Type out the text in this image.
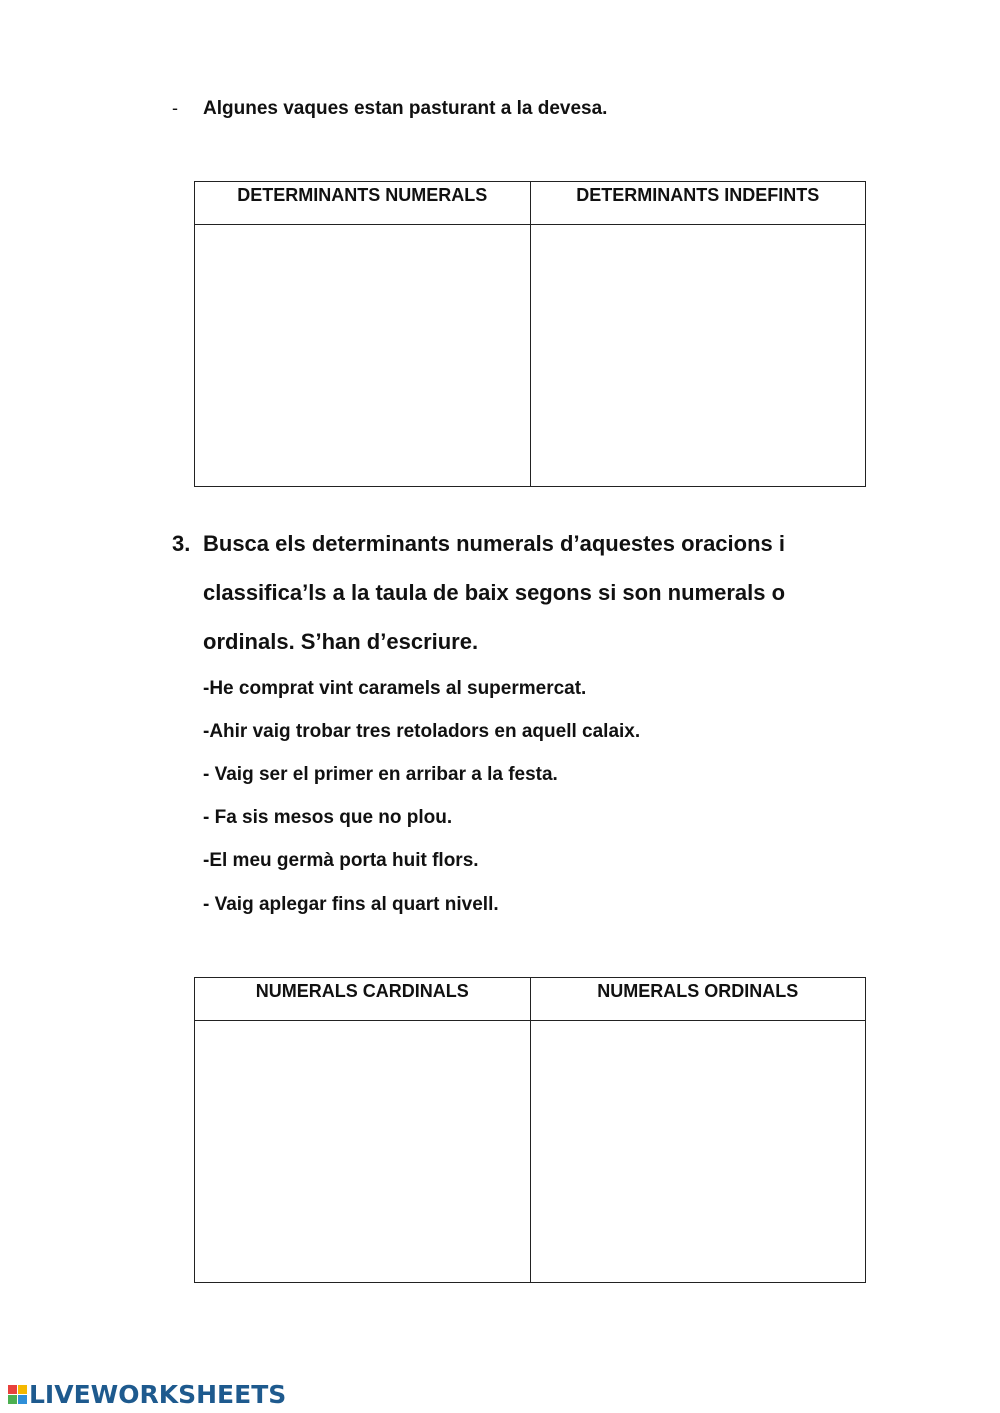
- Algunes vaques estan pasturant a la devesa.
DETERMINANTS NUMERALS	DETERMINANTS INDEFINTS

3. Busca els determinants numerals d’aquestes oracions i
classifica’ls a la taula de baix segons si son numerals o
ordinals. S’han d’escriure.
-He comprat vint caramels al supermercat.
-Ahir vaig trobar tres retoladors en aquell calaix.
- Vaig ser el primer en arribar a la festa.
- Fa sis mesos que no plou.
-El meu germà porta huit flors.
- Vaig aplegar fins al quart nivell.
NUMERALS CARDINALS	NUMERALS ORDINALS

LIVEWORKSHEETS
